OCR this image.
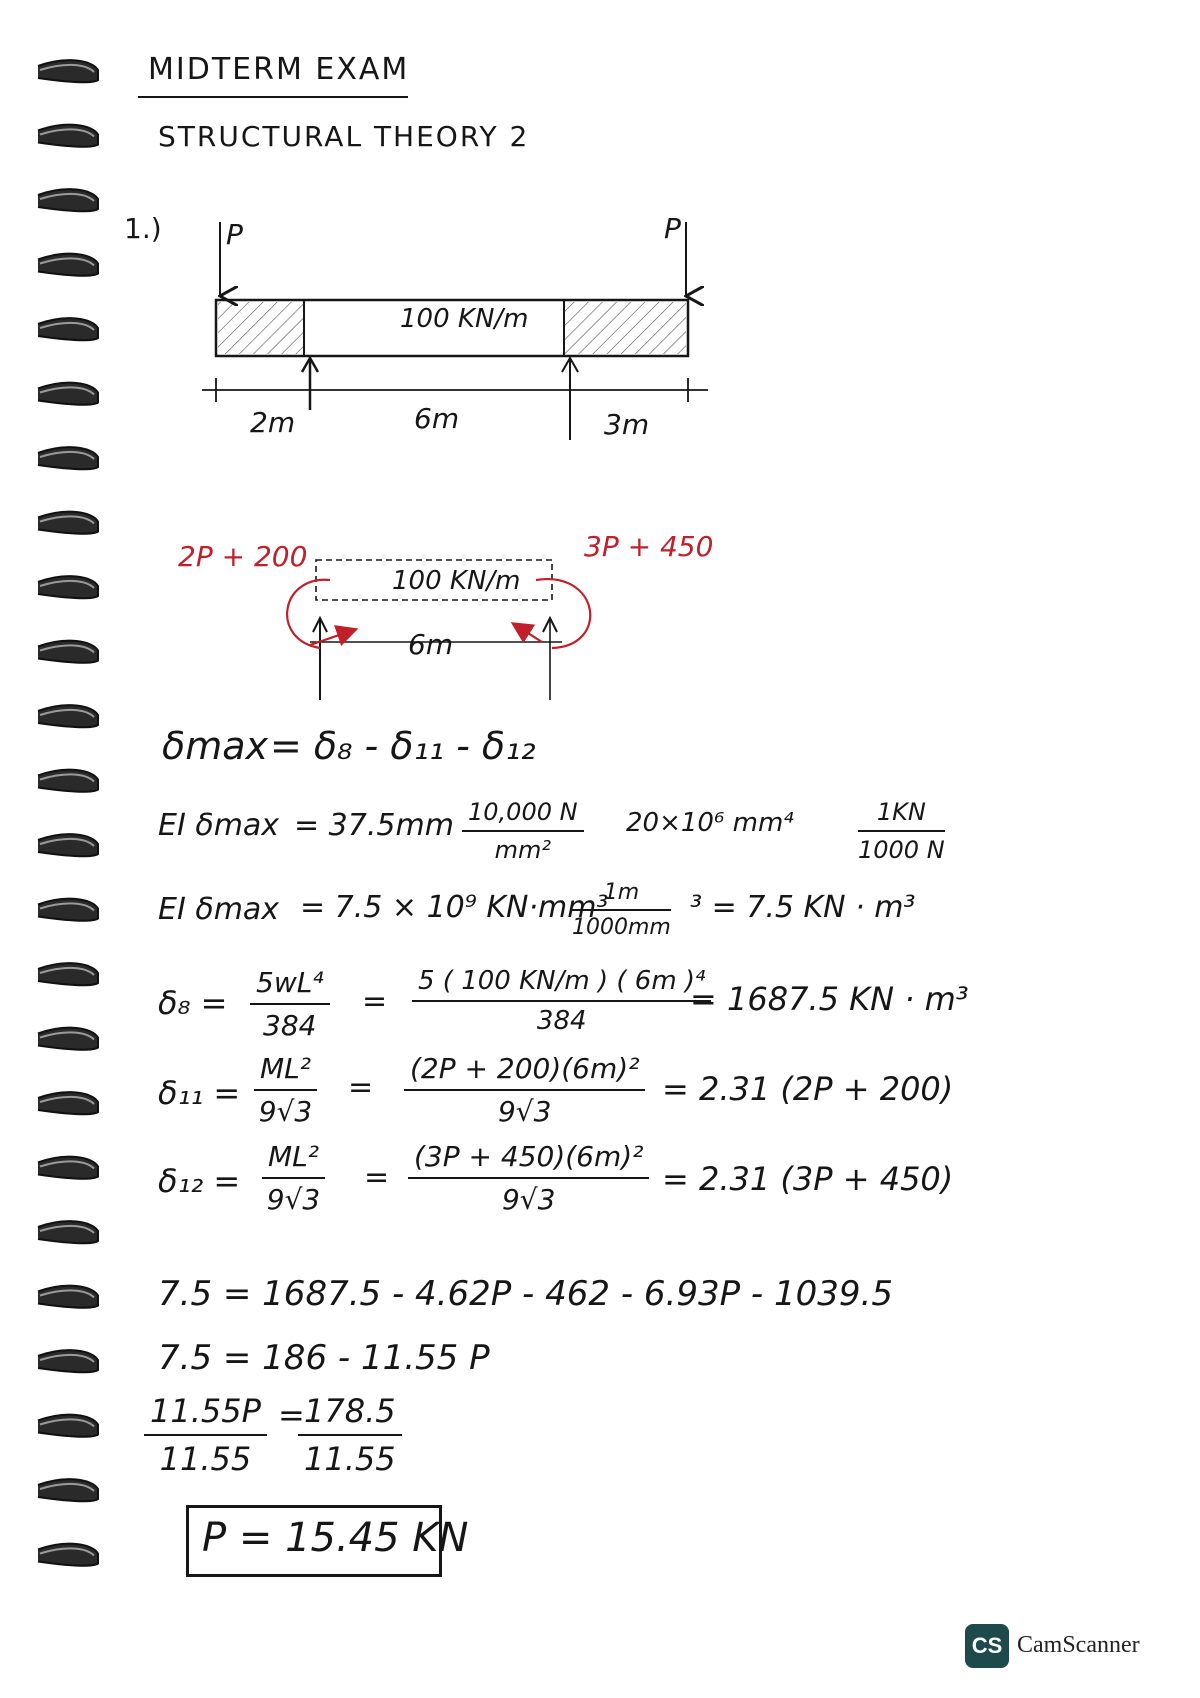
MIDTERM EXAM
STRUCTURAL THEORY 2
1.) P	P
100 KN/m
2m	6m	3m
2P + 200	3P + 450
100 KN/m
6m
δmax = δ₈ - δ₁₁ - δ₁₂
EI δmax = 37.5mm 10,000 N
mm²
20×10⁶ mm⁴	1KN
1000 N
EI δmax = 7.5 × 10⁹ KN·mm³
1m
1000mm
³ = 7.5 KN · m³
δ₈ =
5wL⁴
384
=
5 ( 100 KN/m ) ( 6m )⁴
384
= 1687.5 KN · m³
δ₁₁ =
ML²
9√3
=
(2P + 200)(6m)²
9√3
= 2.31 (2P + 200)
δ₁₂ =
ML²
9√3
=
(3P + 450)(6m)²
9√3
= 2.31 (3P + 450)
7.5 = 1687.5 - 4.62P - 462 - 6.93P - 1039.5
7.5 = 186 - 11.55 P
11.55P
11.55
= 178.5
11.55
P = 15.45 KN
CS CamScanner
